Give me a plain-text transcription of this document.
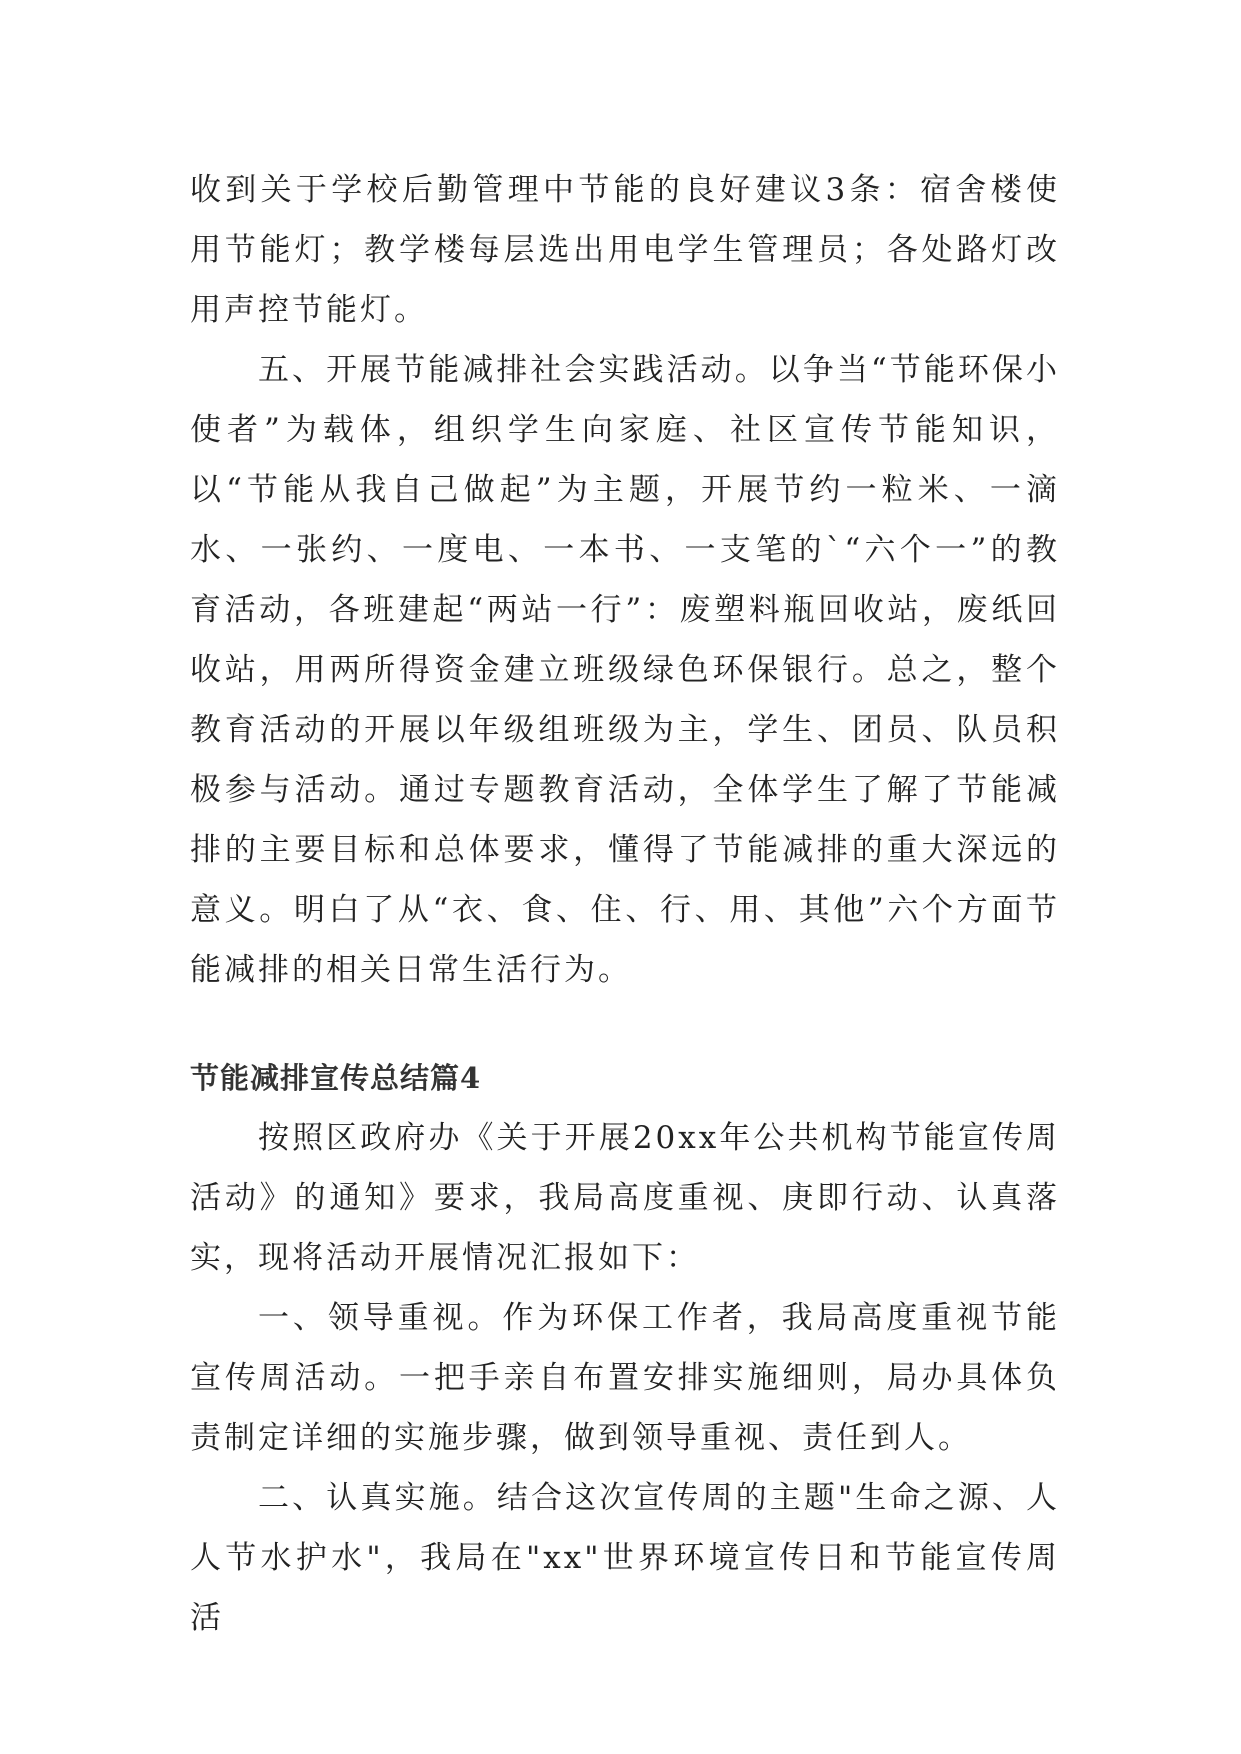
收到关于学校后勤管理中节能的良好建议3条：宿舍楼使用节能灯；教学楼每层选出用电学生管理员；各处路灯改用声控节能灯。

五、开展节能减排社会实践活动。以争当“节能环保小使者”为载体，组织学生向家庭、社区宣传节能知识，以“节能从我自己做起”为主题，开展节约一粒米、一滴水、一张约、一度电、一本书、一支笔的`“六个一”的教育活动，各班建起“两站一行”：废塑料瓶回收站，废纸回收站，用两所得资金建立班级绿色环保银行。总之，整个教育活动的开展以年级组班级为主，学生、团员、队员积极参与活动。通过专题教育活动，全体学生了解了节能减排的主要目标和总体要求，懂得了节能减排的重大深远的意义。明白了从“衣、食、住、行、用、其他”六个方面节能减排的相关日常生活行为。

节能减排宣传总结篇4

按照区政府办《关于开展20xx年公共机构节能宣传周活动》的通知》要求，我局高度重视、庚即行动、认真落实，现将活动开展情况汇报如下：

一、领导重视。作为环保工作者，我局高度重视节能宣传周活动。一把手亲自布置安排实施细则，局办具体负责制定详细的实施步骤，做到领导重视、责任到人。

二、认真实施。结合这次宣传周的主题"生命之源、人人节水护水"，我局在"xx"世界环境宣传日和节能宣传周活
